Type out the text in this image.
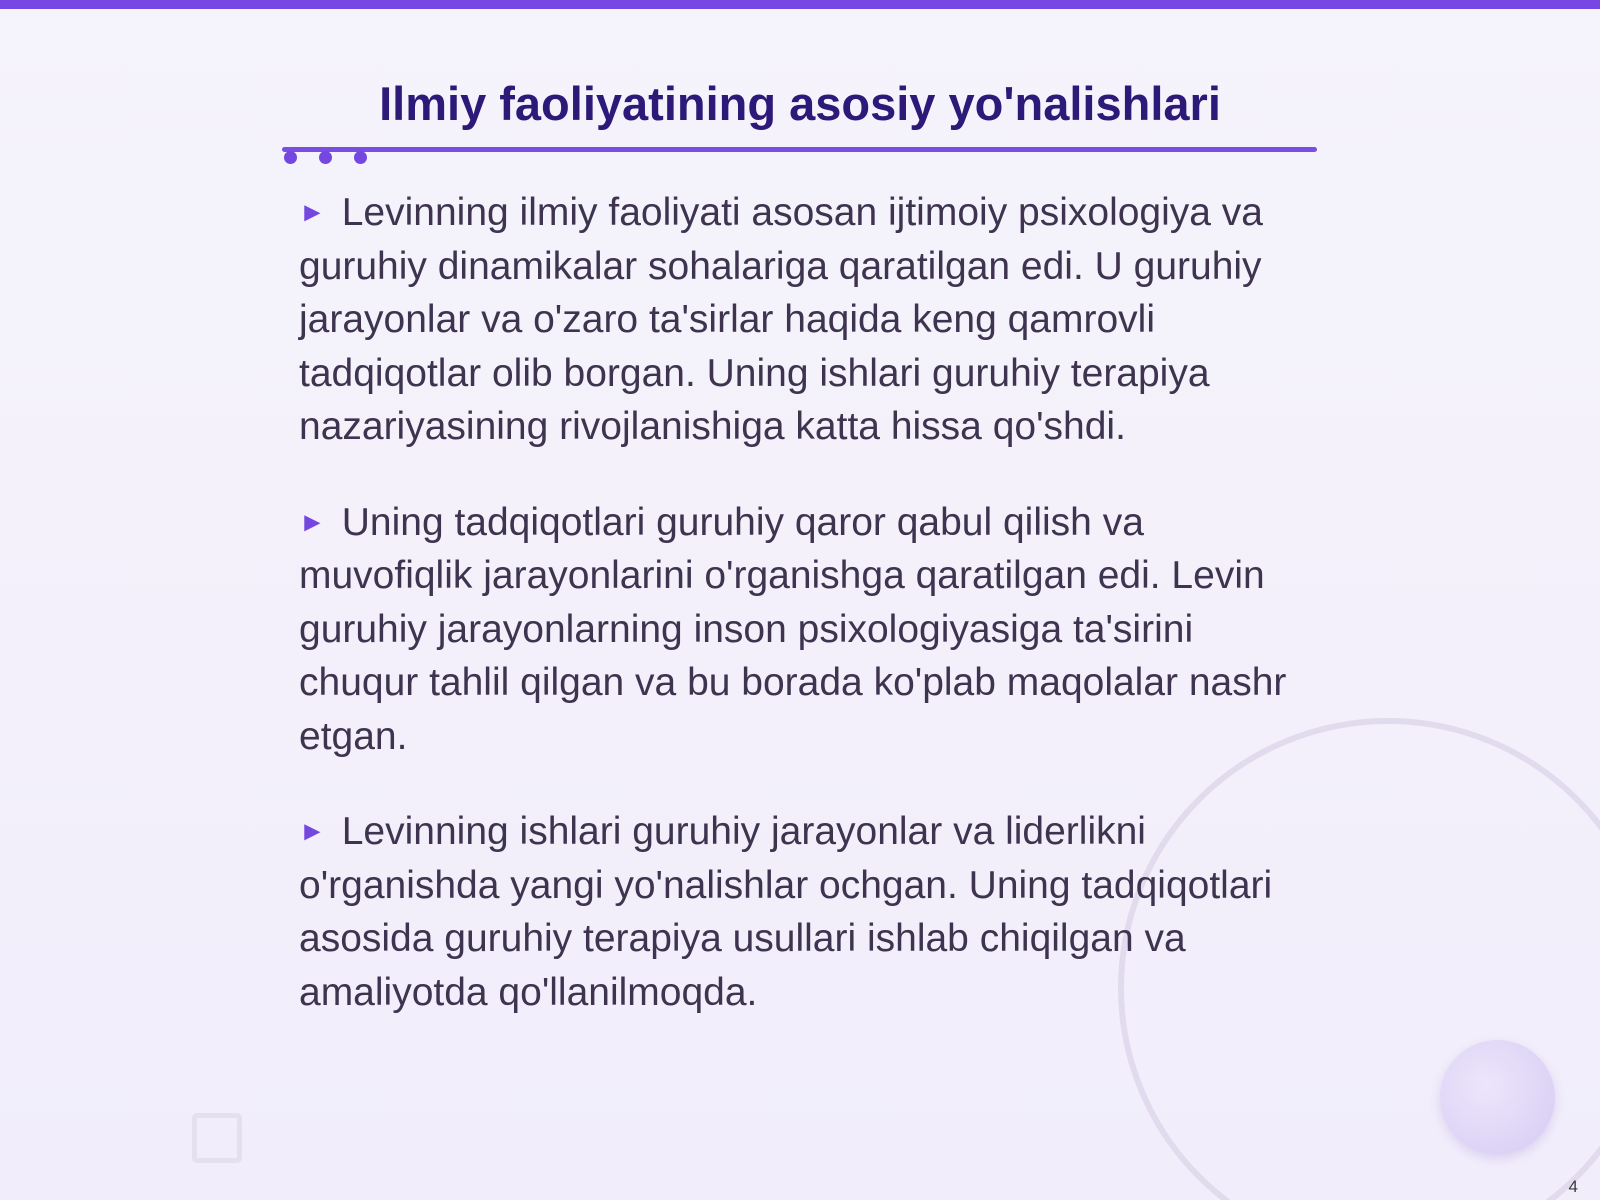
Ilmiy faoliyatining asosiy yo'nalishlari

► Levinning ilmiy faoliyati asosan ijtimoiy psixologiya va guruhiy dinamikalar sohalariga qaratilgan edi. U guruhiy jarayonlar va o'zaro ta'sirlar haqida keng qamrovli tadqiqotlar olib borgan. Uning ishlari guruhiy terapiya nazariyasining rivojlanishiga katta hissa qo'shdi.

► Uning tadqiqotlari guruhiy qaror qabul qilish va muvofiqlik jarayonlarini o'rganishga qaratilgan edi. Levin guruhiy jarayonlarning inson psixologiyasiga ta'sirini chuqur tahlil qilgan va bu borada ko'plab maqolalar nashr etgan.

► Levinning ishlari guruhiy jarayonlar va liderlikni o'rganishda yangi yo'nalishlar ochgan. Uning tadqiqotlari asosida guruhiy terapiya usullari ishlab chiqilgan va amaliyotda qo'llanilmoqda.

4
